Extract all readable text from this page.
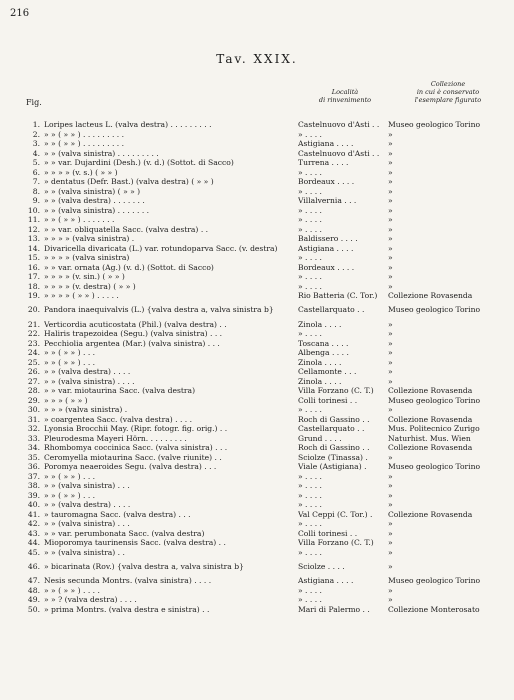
216
Tav. XXIX.
Fig.
Località
di rinvenimento
Collezione
in cui è conservato
l'esemplare figurato
1. Loripes lacteus L. (valva destra) . . . . . . . . .	Castelnuovo d'Asti . .	Museo geologico Torino
2. » » ( » » ) . . . . . . . . .	» . . . .	»
3. » » ( » » ) . . . . . . . . .	Astigiana . . . .	»
4. » » (valva sinistra) . . . . . . . . .	Castelnuovo d'Asti . .	»
5. » » var. Dujardini (Desh.) (v. d.) (Sottot. di Sacco)	Turrena . . . .	»
6. » » » » (v. s.) ( » » )	» . . . .	»
7. » dentatus (Defr. Bast.) (valva destra) ( » » )	Bordeaux . . . .	»
8. » » (valva sinistra) ( » » )	» . . . .	»
9. » » (valva destra) . . . . . . .	Villalvernia . . .	»
10. » » (valva sinistra) . . . . . . .	» . . . .	»
11. » » ( » » ) . . . . . . .	» . . . .	»
12. » » var. obliquatella Sacc. (valva destra) . .	» . . . .	»
13. » » » » (valva sinistra) .	Baldissero . . . .	»
14. Divaricella divaricata (L.) var. rotundoparva Sacc. (v. destra)	Astigiana . . . .	»
15. » » » » (valva sinistra)	» . . . .	»
16. » » var. ornata (Ag.) (v. d.) (Sottot. di Sacco)	Bordeaux . . . .	»
17. » » » » (v. sin.) ( » » )	» . . . .	»
18. » » » » (v. destra) ( » » )	» . . . .	»
19. » » » » ( » » ) . . . . .	Rio Batteria (C. Tor.)	Collezione Rovasenda
20. Pandora inaequivalvis (L.) {valva destra a, valva sinistra b}	Castellarquato . .	Museo geologico Torino
21. Verticordia acuticostata (Phil.) (valva destra) . .	Zinola . . . .	»
22. Haliris trapezoidea (Segu.) (valva sinistra) . . .	» . . . .	»
23. Pecchiolia argentea (Mar.) (valva sinistra) . . .	Toscana . . . .	»
24. » » ( » » ) . . .	Albenga . . . .	»
25. » » ( » » ) . . .	Zinola . . . .	»
26. » » (valva destra) . . . .	Cellamonte . . .	»
27. » » (valva sinistra) . . . .	Zinola . . . .	»
28. » » var. miotaurina Sacc. (valva destra)	Villa Forzano (C. T.)	Collezione Rovasenda
29. » » » ( » » )	Colli torinesi . .	Museo geologico Torino
30. » » » (valva sinistra) .	» . . . .	»
31. » coargentea Sacc. (valva destra) . . . .	Roch di Gassino . .	Collezione Rovasenda
32. Lyonsia Brocchii May. (Ripr. fotogr. fig. orig.) . .	Castellarquato . .	Mus. Politecnico Zurigo
33. Pleurodesma Mayeri Hörn. . . . . . . . .	Grund . . . .	Naturhist. Mus. Wien
34. Rhombomya coccinica Sacc. (valva sinistra) . . .	Roch di Gassino . .	Collezione Rovasenda
35. Ceromyella miotaurina Sacc. (valve riunite) . .	Sciolze (Tinassa) .	»
36. Poromya neaeroides Segu. (valva destra) . . .	Viale (Astigiana) .	Museo geologico Torino
37. » » ( » » ) . . .	» . . . .	»
38. » » (valva sinistra) . . .	» . . . .	»
39. » » ( » » ) . . .	» . . . .	»
40. » » (valva destra) . . . .	» . . . .	»
41. » tauromagna Sacc. (valva destra) . . .	Val Ceppi (C. Tor.) .	Collezione Rovasenda
42. » » (valva sinistra) . . .	» . . . .	»
43. » » var. perumbonata Sacc. (valva destra)	Colli torinesi . .	»
44. Mioporomya taurinensis Sacc. (valva destra) . .	Villa Forzano (C. T.)	»
45. » » (valva sinistra) . .	» . . . .	»
46. » bicarinata (Rov.) {valva destra a, valva sinistra b}	Sciolze . . . .	»
47. Nesis secunda Montrs. (valva sinistra) . . . .	Astigiana . . . .	Museo geologico Torino
48. » » ( » » ) . . . .	» . . . .	»
49. » » ? (valva destra) . . . .	» . . . .	»
50. » prima Montrs. (valva destra e sinistra) . .	Mari di Palermo . .	Collezione Monterosato
